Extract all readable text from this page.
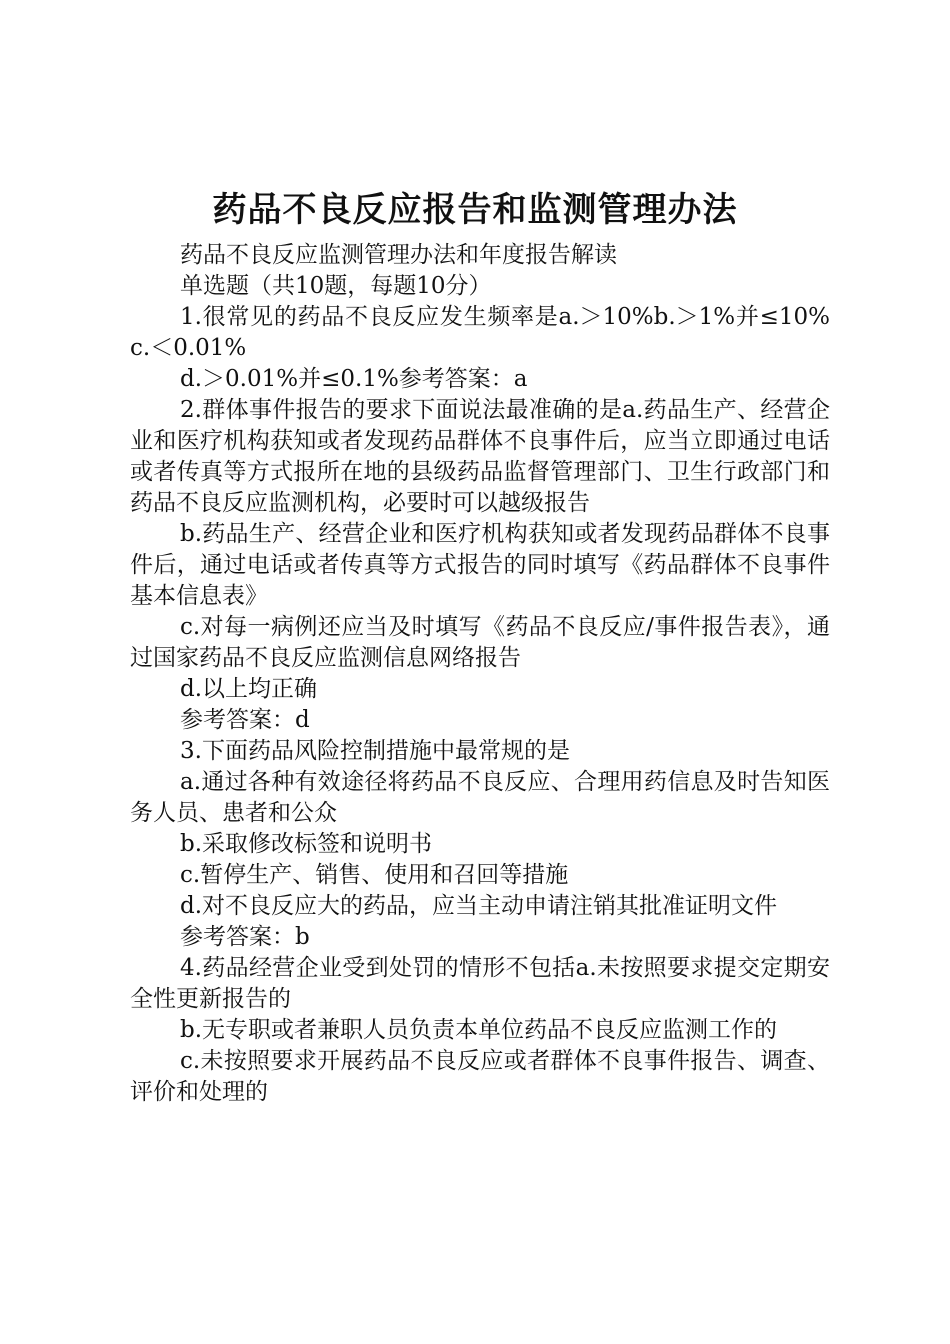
药品不良反应报告和监测管理办法

药品不良反应监测管理办法和年度报告解读

单选题（共10题，每题10分）

1.很常见的药品不良反应发生频率是a.＞10%b.＞1%并≤10%c.＜0.01%

d.＞0.01%并≤0.1%参考答案：a

2.群体事件报告的要求下面说法最准确的是a.药品生产、经营企业和医疗机构获知或者发现药品群体不良事件后，应当立即通过电话或者传真等方式报所在地的县级药品监督管理部门、卫生行政部门和药品不良反应监测机构，必要时可以越级报告

b.药品生产、经营企业和医疗机构获知或者发现药品群体不良事件后，通过电话或者传真等方式报告的同时填写《药品群体不良事件基本信息表》

c.对每一病例还应当及时填写《药品不良反应/事件报告表》，通过国家药品不良反应监测信息网络报告

d.以上均正确

参考答案：d

3.下面药品风险控制措施中最常规的是

a.通过各种有效途径将药品不良反应、合理用药信息及时告知医务人员、患者和公众

b.采取修改标签和说明书

c.暂停生产、销售、使用和召回等措施

d.对不良反应大的药品，应当主动申请注销其批准证明文件

参考答案：b

4.药品经营企业受到处罚的情形不包括a.未按照要求提交定期安全性更新报告的

b.无专职或者兼职人员负责本单位药品不良反应监测工作的

c.未按照要求开展药品不良反应或者群体不良事件报告、调查、评价和处理的
